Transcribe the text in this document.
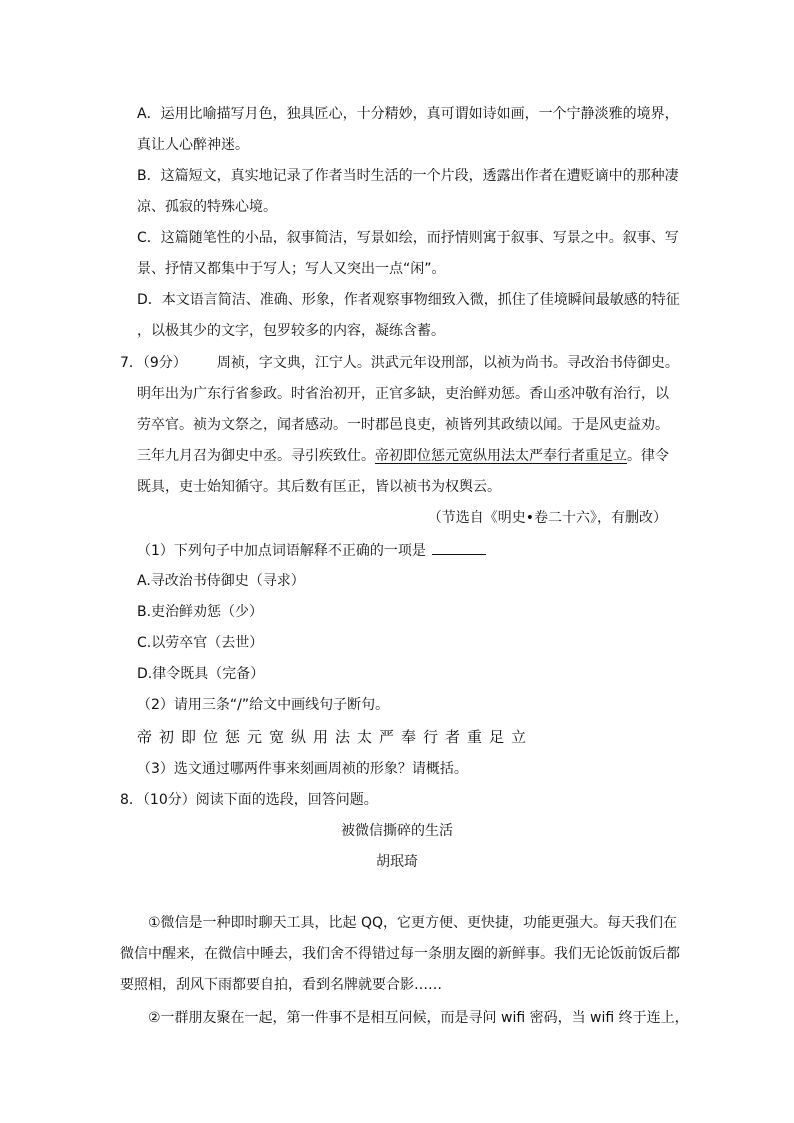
A．运用比喻描写月色，独具匠心，十分精妙，真可谓如诗如画，一个宁静淡雅的境界，
真让人心醉神迷。
B．这篇短文，真实地记录了作者当时生活的一个片段，透露出作者在遭贬谪中的那种凄
凉、孤寂的特殊心境。
C．这篇随笔性的小品，叙事简洁，写景如绘，而抒情则寓于叙事、写景之中。叙事、写
景、抒情又都集中于写人；写人又突出一点“闲”。
D．本文语言简洁、准确、形象，作者观察事物细致入微，抓住了佳境瞬间最敏感的特征
，以极其少的文字，包罗较多的内容，凝练含蓄。
7．（9分） 周祯，字文典，江宁人。洪武元年设刑部，以祯为尚书。寻改治书侍御史。
明年出为广东行省参政。时省治初开，正官多缺，吏治鲜劝惩。香山丞冲敬有治行，以
劳卒官。祯为文祭之，闻者感动。一时郡邑良吏，祯皆列其政绩以闻。于是风吏益劝。
三年九月召为御史中丞。寻引疾致仕。帝初即位惩元宽纵用法太严奉行者重足立。律令
既具，吏士始知循守。其后数有匡正，皆以祯书为权舆云。
（节选自《明史•卷二十六》，有删改）
（1）下列句子中加点词语解释不正确的一项是
A.寻改治书侍御史（寻求）
B.吏治鲜劝惩（少）
C.以劳卒官（去世）
D.律令既具（完备）
（2）请用三条“/”给文中画线句子断句。
帝初即位惩元宽纵用法太严奉行者重足立
（3）选文通过哪两件事来刻画周祯的形象？请概括。
8．（10分）阅读下面的选段，回答问题。
被微信撕碎的生活
胡珉琦
①微信是一种即时聊天工具，比起 QQ，它更方便、更快捷，功能更强大。每天我们在
微信中醒来，在微信中睡去，我们舍不得错过每一条朋友圈的新鲜事。我们无论饭前饭后都
要照相，刮风下雨都要自拍，看到名牌就要合影……
②一群朋友聚在一起，第一件事不是相互问候，而是寻问 wifi 密码，当 wifi 终于连上，
